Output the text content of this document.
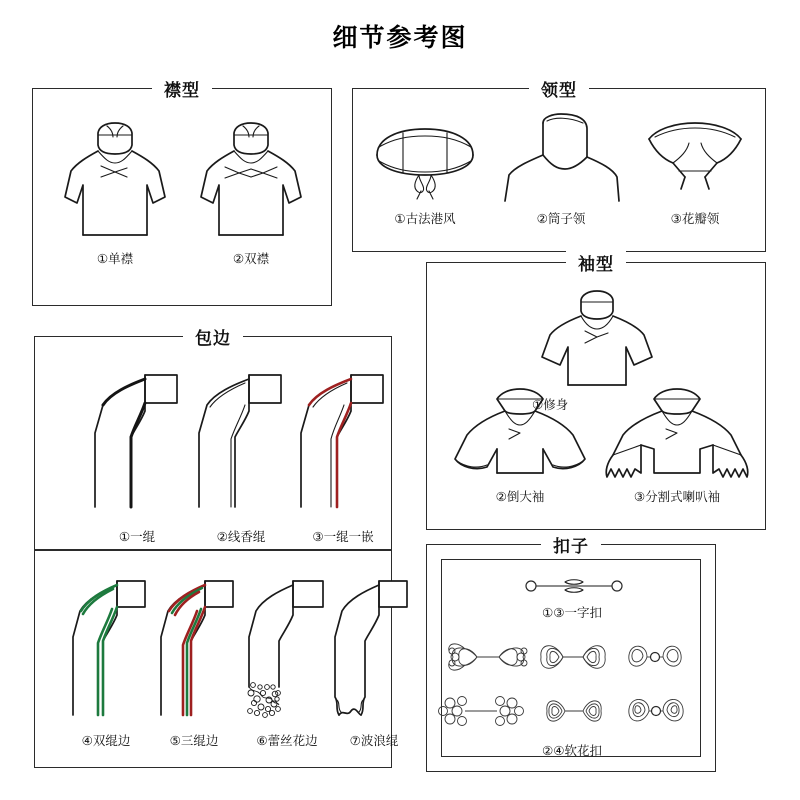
细节参考图
襟型
①单襟	②双襟
领型
①古法港风	②筒子领	③花瓣领
袖型
①修身
②倒大袖	③分割式喇叭袖
包边
①一绲	②线香绲	③一绲一嵌
④双绲边	⑤三绲边	⑥蕾丝花边	⑦波浪绲
扣子
①③一字扣
②④软花扣
